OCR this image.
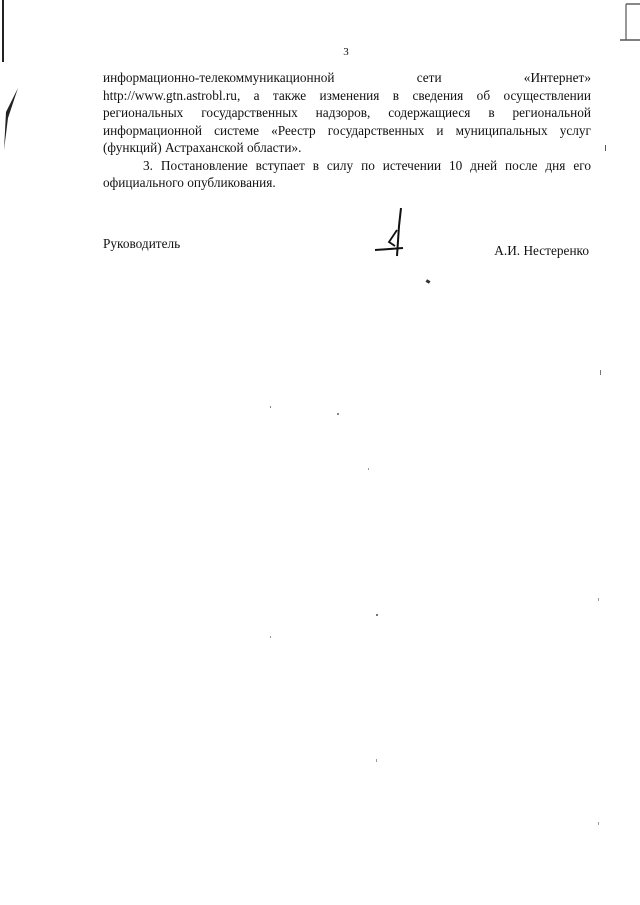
3

информационно-телекоммуникационной сети «Интернет»

http://www.gtn.astrobl.ru, а также изменения в сведения об осуществлении региональных государственных надзоров, содержащиеся в региональной информационной системе «Реестр государственных и муниципальных услуг (функций) Астраханской области».

3. Постановление вступает в силу по истечении 10 дней после дня его официального опубликования.

Руководитель	А.И. Нестеренко
